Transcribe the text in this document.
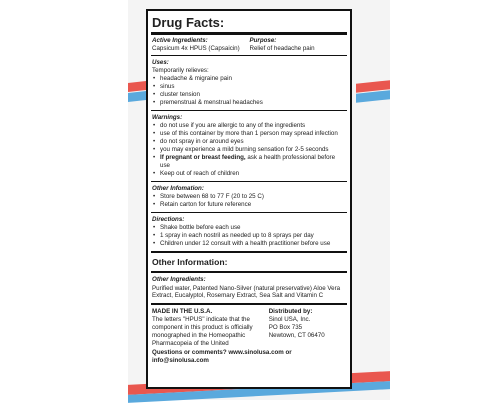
Drug Facts:
Active Ingredients:
Capsicum 4x HPUS (Capsaicin)
Purpose:
Relief of headache pain
Uses:
Temporarily relieves:
• headache & migraine pain
• sinus
• cluster tension
• premenstrual & menstrual headaches
Warnings:
• do not use if you are allergic to any of the ingredients
• use of this container by more than 1 person may spread infection
• do not spray in or around eyes
• you may experience a mild burning sensation for 2-5 seconds
• If pregnant or breast feeding, ask a health professional before use
• Keep out of reach of children
Other Infomation:
• Store between 68 to 77 F (20 to 25 C)
• Retain carton for future reference
Directions:
• Shake bottle before each use
• 1 spray in each nostril as needed up to 8 sprays per day
• Children under 12 consult with a health practitioner before use
Other Information:
Other Ingredients:
Purified water, Patented Nano-Silver (natural preservative) Aloe Vera Extract, Eucalyptol, Rosemary Extract, Sea Salt and Vitamin C
MADE IN THE U.S.A.
The letters "HPUS" indicate that the component in this product is officially monographed in the Homeopathic Pharmacopeia of the United
Distributed by:
Sinol USA, Inc.
PO Box 735
Newtown, CT 06470
Questions or comments? www.sinolusa.com or info@sinolusa.com
